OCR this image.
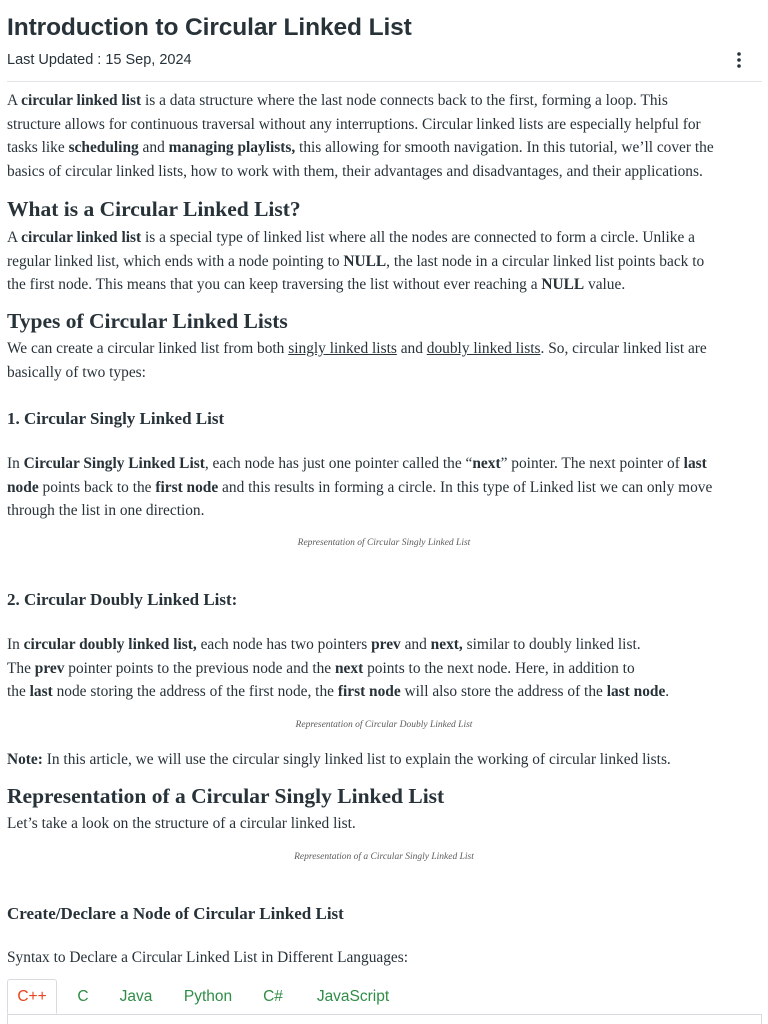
Introduction to Circular Linked List
Last Updated : 15 Sep, 2024

A circular linked list is a data structure where the last node connects back to the first, forming a loop. This
structure allows for continuous traversal without any interruptions. Circular linked lists are especially helpful for
tasks like scheduling and managing playlists, this allowing for smooth navigation. In this tutorial, we’ll cover the
basics of circular linked lists, how to work with them, their advantages and disadvantages, and their applications.

What is a Circular Linked List?

A circular linked list is a special type of linked list where all the nodes are connected to form a circle. Unlike a
regular linked list, which ends with a node pointing to NULL, the last node in a circular linked list points back to
the first node. This means that you can keep traversing the list without ever reaching a NULL value.

Types of Circular Linked Lists

We can create a circular linked list from both singly linked lists and doubly linked lists. So, circular linked list are
basically of two types:

1. Circular Singly Linked List

In Circular Singly Linked List, each node has just one pointer called the “next” pointer. The next pointer of last
node points back to the first node and this results in forming a circle. In this type of Linked list we can only move
through the list in one direction.

Representation of Circular Singly Linked List
2. Circular Doubly Linked List:

In circular doubly linked list, each node has two pointers prev and next, similar to doubly linked list.
The prev pointer points to the previous node and the next points to the next node. Here, in addition to
the last node storing the address of the first node, the first node will also store the address of the last node.

Representation of Circular Doubly Linked List

Note: In this article, we will use the circular singly linked list to explain the working of circular linked lists.

Representation of a Circular Singly Linked List

Let’s take a look on the structure of a circular linked list.

Representation of a Circular Singly Linked List
Create/Declare a Node of Circular Linked List

Syntax to Declare a Circular Linked List in Different Languages:

C++	C	Java	Python	C#	JavaScript
